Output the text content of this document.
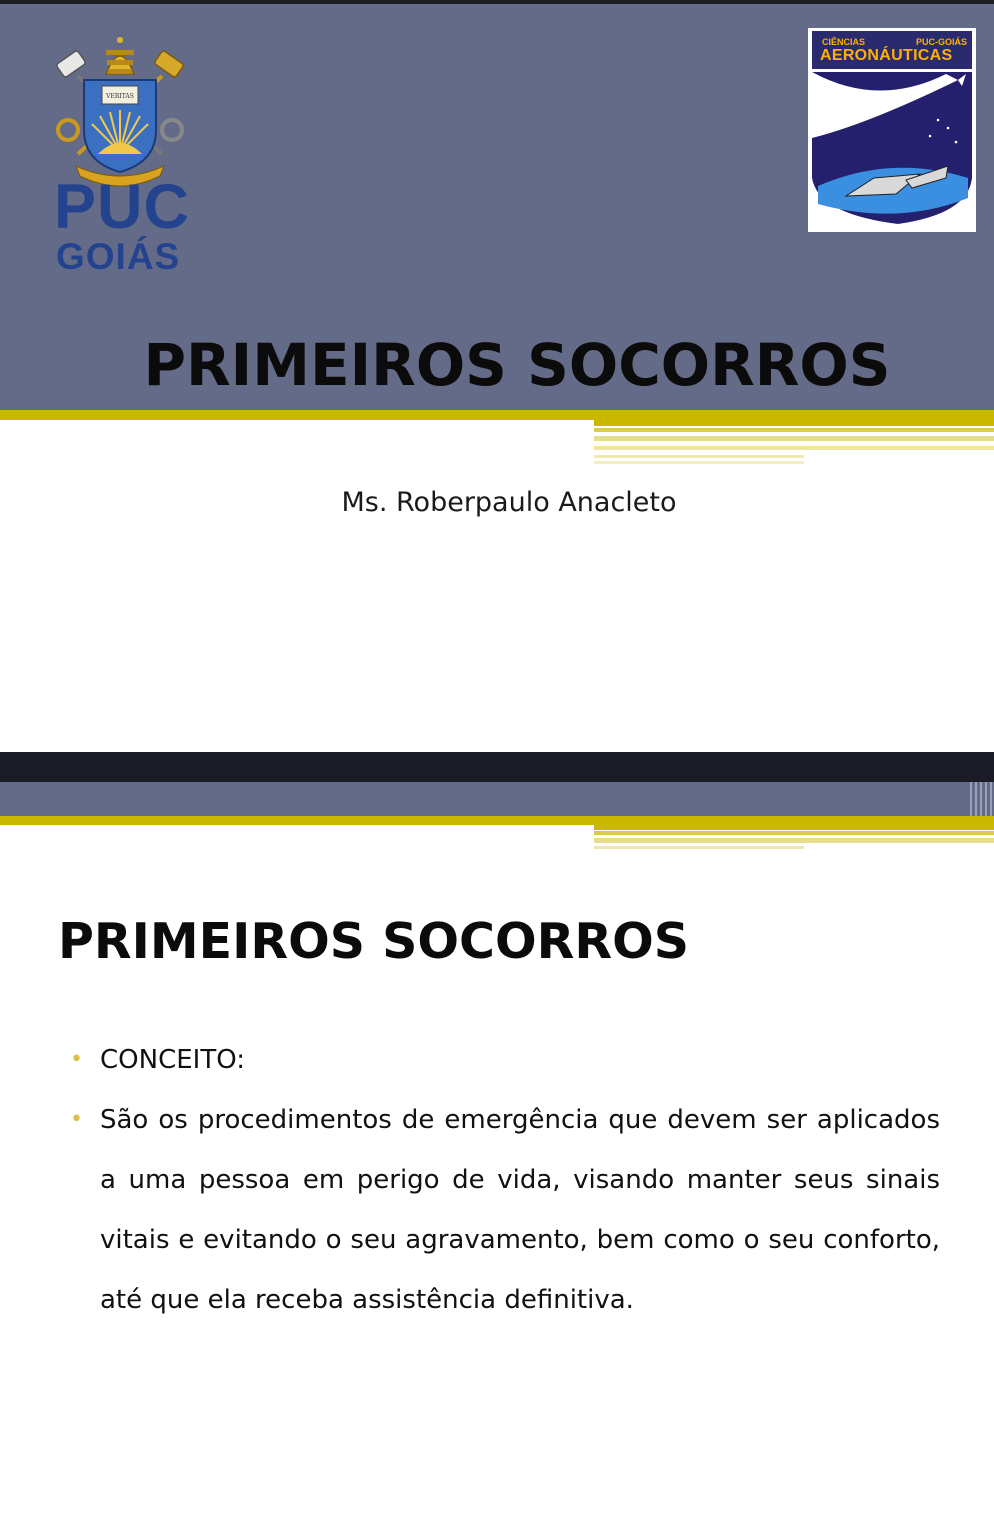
VERITAS
PUC
GOIÁS
CIÊNCIAS	PUC-GOIÁS
AERONÁUTICAS
PRIMEIROS SOCORROS
Ms. Roberpaulo Anacleto
PRIMEIROS SOCORROS
• CONCEITO:
• São os procedimentos de emergência que devem ser aplicados a uma pessoa em perigo de vida, visando manter seus sinais vitais e evitando o seu agravamento, bem como o seu conforto, até que ela receba assistência definitiva.
